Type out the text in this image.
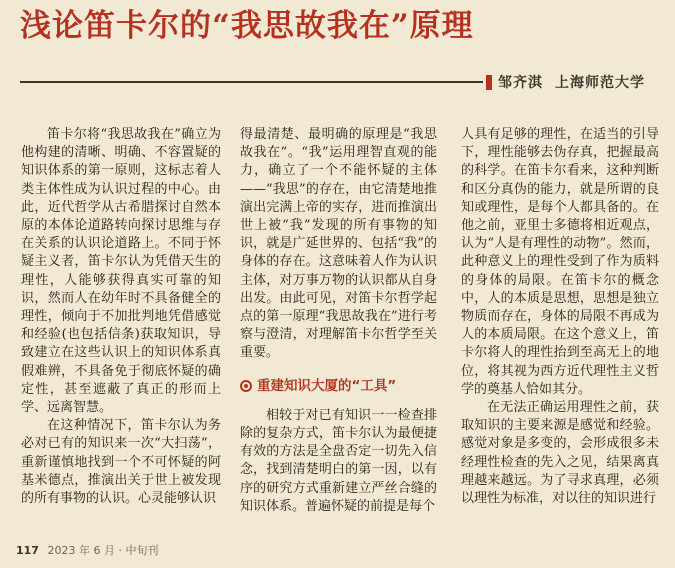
浅论笛卡尔的“我思故我在”原理
邹齐淇 上海师范大学

笛卡尔将“我思故我在”确立为他构建的清晰、明确、不容置疑的知识体系的第一原则，这标志着人类主体性成为认识过程的中心。由此，近代哲学从古希腊探讨自然本原的本体论道路转向探讨思维与存在关系的认识论道路上。不同于怀疑主义者，笛卡尔认为凭借天生的理性，人能够获得真实可靠的知识，然而人在幼年时不具备健全的理性，倾向于不加批判地凭借感觉和经验(也包括信条)获取知识，导致建立在这些认识上的知识体系真假难辨，不具备免于彻底怀疑的确定性，甚至遮蔽了真正的形而上学、远离智慧。

在这种情况下，笛卡尔认为务必对已有的知识来一次“大扫荡”，重新谨慎地找到一个不可怀疑的阿基米德点，推演出关于世上被发现的所有事物的认识。心灵能够认识

得最清楚、最明确的原理是“我思故我在”。“我”运用理智直观的能力，确立了一个不能怀疑的主体——“我思”的存在，由它清楚地推演出完满上帝的实存，进而推演出世上被“我”发现的所有事物的知识，就是广延世界的、包括“我”的身体的存在。这意味着人作为认识主体，对万事万物的认识都从自身出发。由此可见，对笛卡尔哲学起点的第一原理“我思故我在”进行考察与澄清，对理解笛卡尔哲学至关重要。

重建知识大厦的“工具”

相较于对已有知识一一检查排除的复杂方式，笛卡尔认为最便捷有效的方法是全盘否定一切先入信念，找到清楚明白的第一因，以有序的研究方式重新建立严丝合缝的知识体系。普遍怀疑的前提是每个

人具有足够的理性，在适当的引导下，理性能够去伪存真，把握最高的科学。在笛卡尔看来，这种判断和区分真伪的能力，就是所谓的良知或理性，是每个人都具备的。在他之前，亚里士多德将相近观点，认为“人是有理性的动物”。然而，此种意义上的理性受到了作为质料的身体的局限。在笛卡尔的概念中，人的本质是思想，思想是独立物质而存在，身体的局限不再成为人的本质局限。在这个意义上，笛卡尔将人的理性抬到至高无上的地位，将其视为西方近代理性主义哲学的奠基人恰如其分。

在无法正确运用理性之前，获取知识的主要来源是感觉和经验。感觉对象是多变的，会形成很多未经理性检查的先入之见，结果离真理越来越远。为了寻求真理，必须以理性为标准，对以往的知识进行

117 2023 年 6 月 · 中旬刊
